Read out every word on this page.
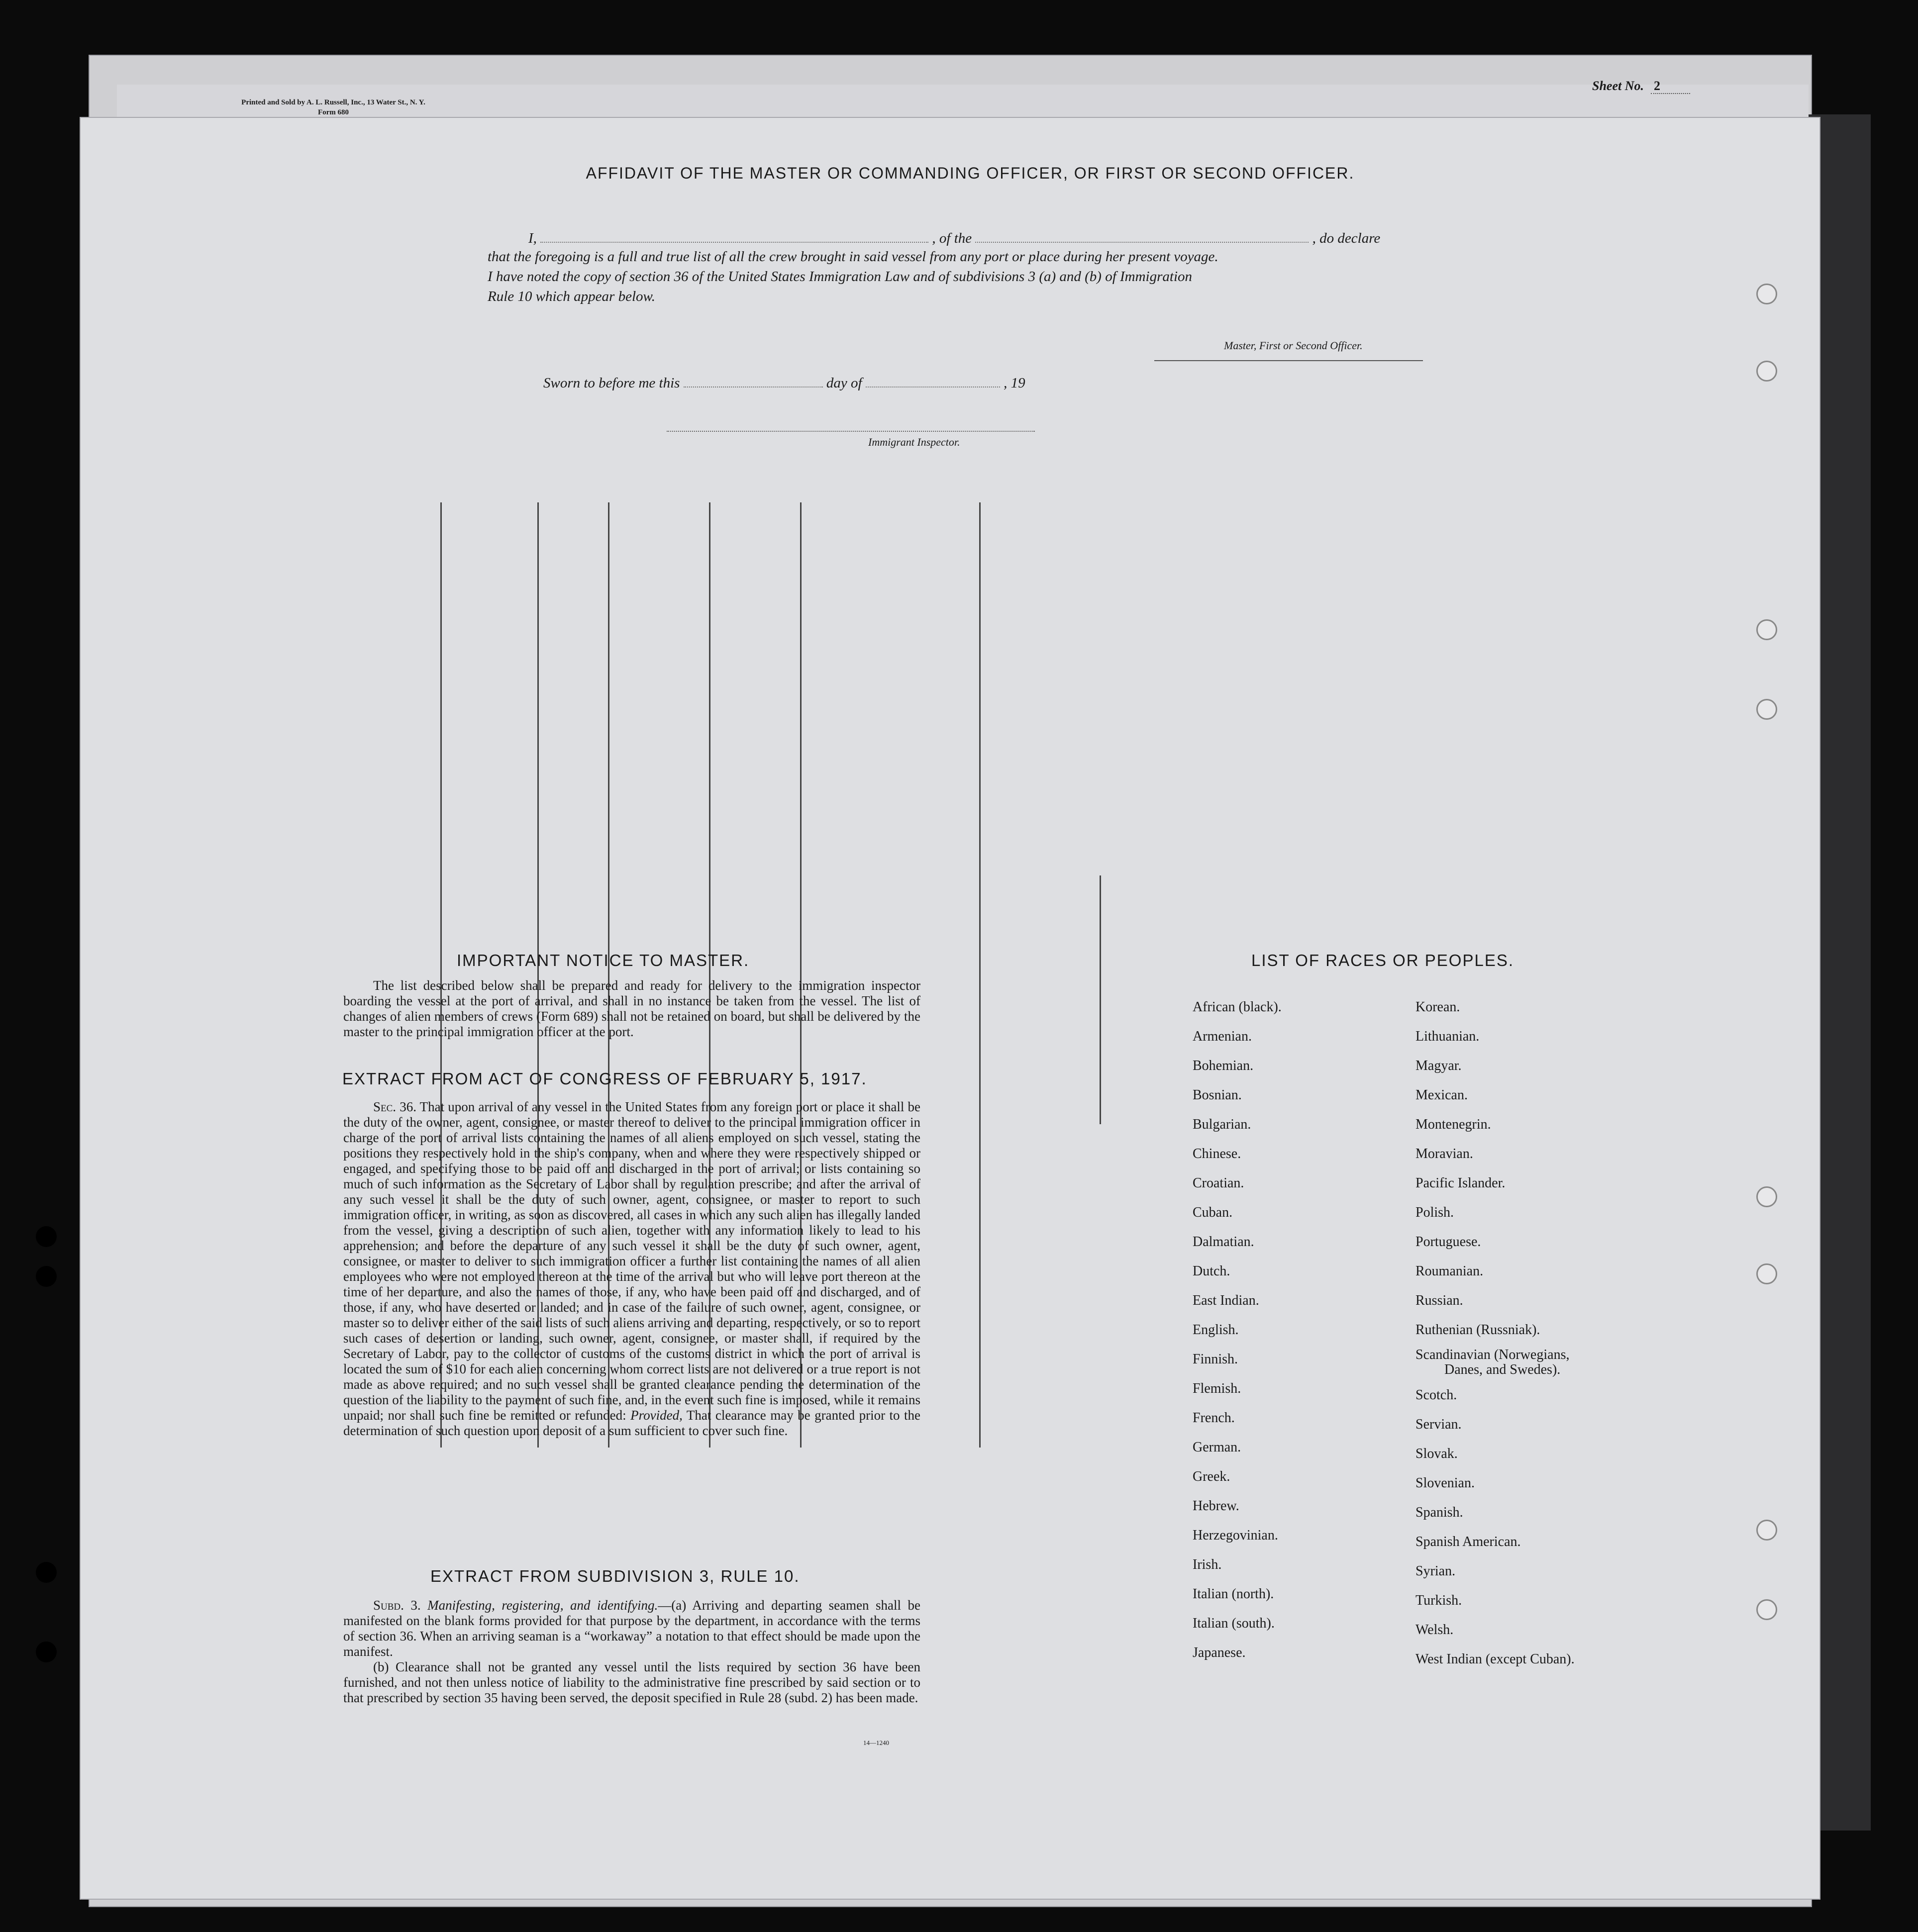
Printed and Sold by A. L. Russell, Inc., 13 Water St., N. Y.
Form 680
Sheet No. 2
AFFIDAVIT OF THE MASTER OR COMMANDING OFFICER, OR FIRST OR SECOND OFFICER.
I,	, of the	, do declare
that the foregoing is a full and true list of all the crew brought in said vessel from any port or place during her present voyage.
I have noted the copy of section 36 of the United States Immigration Law and of subdivisions 3 (a) and (b) of Immigration
Rule 10 which appear below.
Master, First or Second Officer.
Sworn to before me this	day of	, 19
Immigrant Inspector.
IMPORTANT NOTICE TO MASTER.
The list described below shall be prepared and ready for delivery to the immigration inspector boarding the vessel at the port of arrival, and shall in no instance be taken from the vessel. The list of changes of alien members of crews (Form 689) shall not be retained on board, but shall be delivered by the master to the principal immigration officer at the port.
EXTRACT FROM ACT OF CONGRESS OF FEBRUARY 5, 1917.

Sec. 36. That upon arrival of any vessel in the United States from any foreign port or place it shall be the duty of the owner, agent, consignee, or master thereof to deliver to the principal immigration officer in charge of the port of arrival lists containing the names of all aliens employed on such vessel, stating the positions they respectively hold in the ship's company, when and where they were respectively shipped or engaged, and specifying those to be paid off and discharged in the port of arrival; or lists containing so much of such information as the Secretary of Labor shall by regulation prescribe; and after the arrival of any such vessel it shall be the duty of such owner, agent, consignee, or master to report to such immigration officer, in writing, as soon as discovered, all cases in which any such alien has illegally landed from the vessel, giving a description of such alien, together with any information likely to lead to his apprehension; and before the departure of any such vessel it shall be the duty of such owner, agent, consignee, or master to deliver to such immigration officer a further list containing the names of all alien employees who were not employed thereon at the time of the arrival but who will leave port thereon at the time of her departure, and also the names of those, if any, who have been paid off and discharged, and of those, if any, who have deserted or landed; and in case of the failure of such owner, agent, consignee, or master so to deliver either of the said lists of such aliens arriving and departing, respectively, or so to report such cases of desertion or landing, such owner, agent, consignee, or master shall, if required by the Secretary of Labor, pay to the collector of customs of the customs district in which the port of arrival is located the sum of $10 for each alien concerning whom correct lists are not delivered or a true report is not made as above required; and no such vessel shall be granted clearance pending the determination of the question of the liability to the payment of such fine, and, in the event such fine is imposed, while it remains unpaid; nor shall such fine be remitted or refunded: Provided, That clearance may be granted prior to the determination of such question upon deposit of a sum sufficient to cover such fine.

EXTRACT FROM SUBDIVISION 3, RULE 10.

Subd. 3. Manifesting, registering, and identifying.—(a) Arriving and departing seamen shall be manifested on the blank forms provided for that purpose by the department, in accordance with the terms of section 36. When an arriving seaman is a “workaway” a notation to that effect should be made upon the manifest.

(b) Clearance shall not be granted any vessel until the lists required by section 36 have been furnished, and not then unless notice of liability to the administrative fine prescribed by said section or to that prescribed by section 35 having been served, the deposit specified in Rule 28 (subd. 2) has been made.

14—1240
LIST OF RACES OR PEOPLES.
African (black).
Armenian.
Bohemian.
Bosnian.
Bulgarian.
Chinese.
Croatian.
Cuban.
Dalmatian.
Dutch.
East Indian.
English.
Finnish.
Flemish.
French.
German.
Greek.
Hebrew.
Herzegovinian.
Irish.
Italian (north).
Italian (south).
Japanese.
Korean.
Lithuanian.
Magyar.
Mexican.
Montenegrin.
Moravian.
Pacific Islander.
Polish.
Portuguese.
Roumanian.
Russian.
Ruthenian (Russniak).
Scandinavian (Norwegians,
Danes, and Swedes).
Scotch.
Servian.
Slovak.
Slovenian.
Spanish.
Spanish American.
Syrian.
Turkish.
Welsh.
West Indian (except Cuban).
